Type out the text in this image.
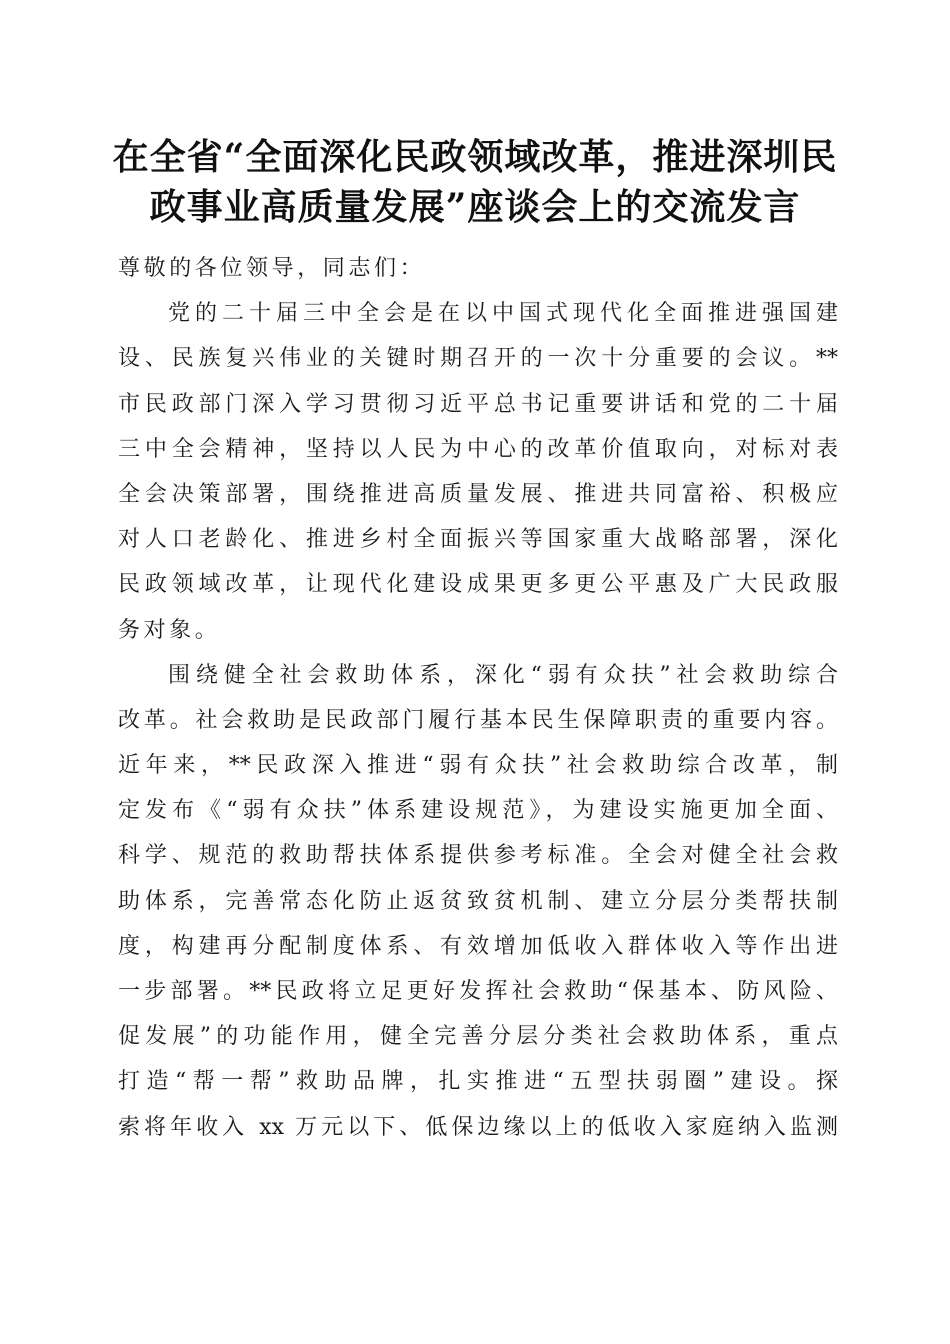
在全省“全面深化民政领域改革，推进深圳民
政事业高质量发展”座谈会上的交流发言
尊敬的各位领导，同志们：
党的二十届三中全会是在以中国式现代化全面推进强国建
设、民族复兴伟业的关键时期召开的一次十分重要的会议。**
市民政部门深入学习贯彻习近平总书记重要讲话和党的二十届
三中全会精神，坚持以人民为中心的改革价值取向，对标对表
全会决策部署，围绕推进高质量发展、推进共同富裕、积极应
对人口老龄化、推进乡村全面振兴等国家重大战略部署，深化
民政领域改革，让现代化建设成果更多更公平惠及广大民政服
务对象。
围绕健全社会救助体系，深化“弱有众扶”社会救助综合
改革。社会救助是民政部门履行基本民生保障职责的重要内容。
近年来，**民政深入推进“弱有众扶”社会救助综合改革，制
定发布《“弱有众扶”体系建设规范》，为建设实施更加全面、
科学、规范的救助帮扶体系提供参考标准。全会对健全社会救
助体系，完善常态化防止返贫致贫机制、建立分层分类帮扶制
度，构建再分配制度体系、有效增加低收入群体收入等作出进
一步部署。**民政将立足更好发挥社会救助“保基本、防风险、
促发展”的功能作用，健全完善分层分类社会救助体系，重点
打造“帮一帮”救助品牌，扎实推进“五型扶弱圈”建设。探
索将年收入 xx 万元以下、低保边缘以上的低收入家庭纳入监测
